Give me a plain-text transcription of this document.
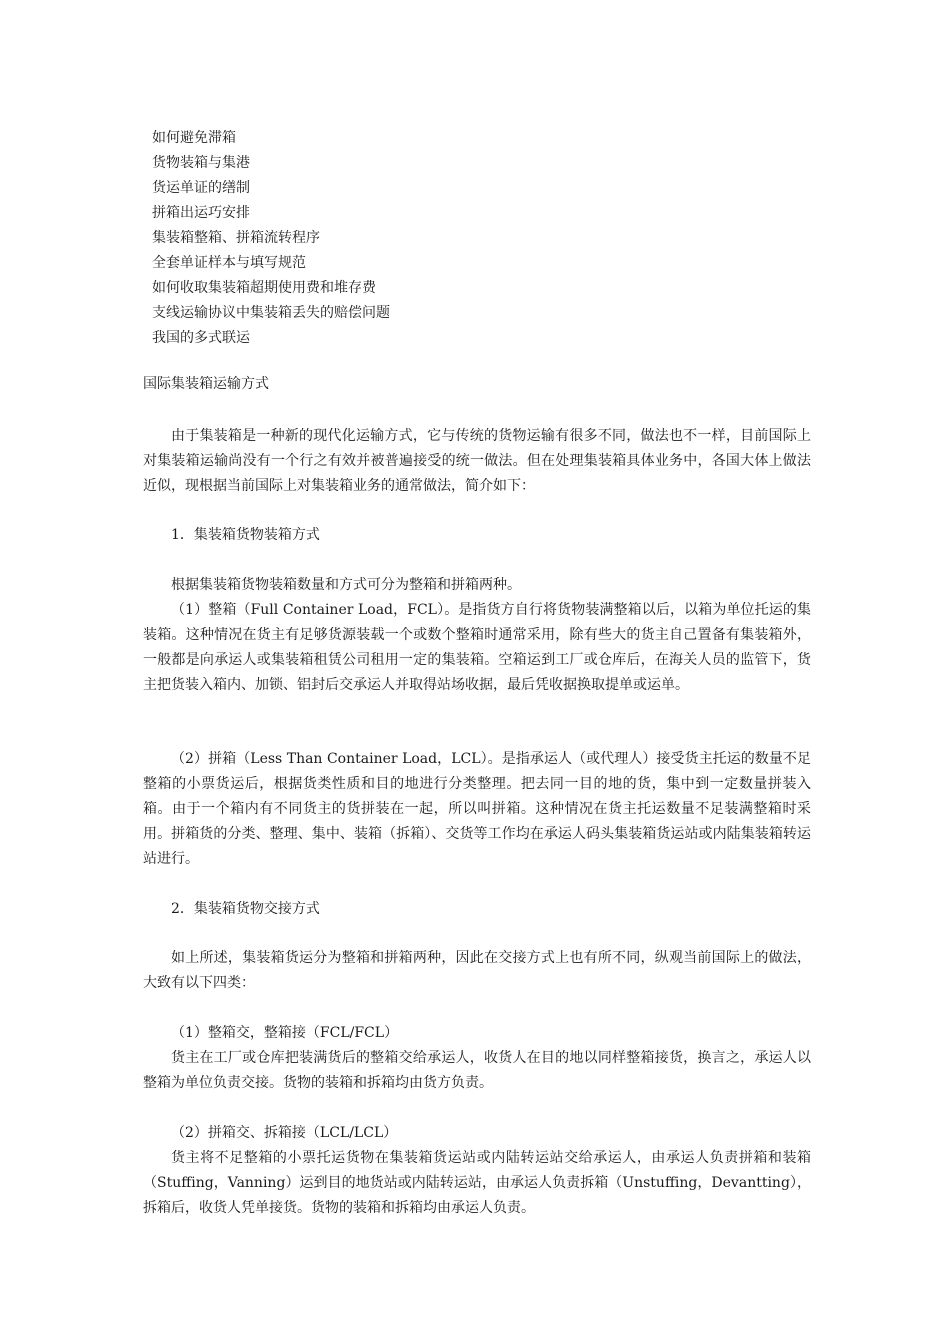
如何避免滞箱
货物装箱与集港
货运单证的缮制
拼箱出运巧安排
集装箱整箱、拼箱流转程序
全套单证样本与填写规范
如何收取集装箱超期使用费和堆存费
支线运输协议中集装箱丢失的赔偿问题
我国的多式联运
国际集装箱运输方式

由于集装箱是一种新的现代化运输方式，它与传统的货物运输有很多不同，做法也不一样，目前国际上对集装箱运输尚没有一个行之有效并被普遍接受的统一做法。但在处理集装箱具体业务中，各国大体上做法近似，现根据当前国际上对集装箱业务的通常做法，简介如下：

1．集装箱货物装箱方式

根据集装箱货物装箱数量和方式可分为整箱和拼箱两种。

（1）整箱（Full Container Load，FCL）。是指货方自行将货物装满整箱以后，以箱为单位托运的集装箱。这种情况在货主有足够货源装载一个或数个整箱时通常采用，除有些大的货主自己置备有集装箱外，一般都是向承运人或集装箱租赁公司租用一定的集装箱。空箱运到工厂或仓库后，在海关人员的监管下，货主把货装入箱内、加锁、铝封后交承运人并取得站场收据，最后凭收据换取提单或运单。

（2）拼箱（Less Than Container Load，LCL）。是指承运人（或代理人）接受货主托运的数量不足整箱的小票货运后，根据货类性质和目的地进行分类整理。把去同一目的地的货，集中到一定数量拼装入箱。由于一个箱内有不同货主的货拼装在一起，所以叫拼箱。这种情况在货主托运数量不足装满整箱时采用。拼箱货的分类、整理、集中、装箱（拆箱）、交货等工作均在承运人码头集装箱货运站或内陆集装箱转运站进行。

2．集装箱货物交接方式

如上所述，集装箱货运分为整箱和拼箱两种，因此在交接方式上也有所不同，纵观当前国际上的做法，大致有以下四类：

（1）整箱交，整箱接（FCL/FCL）

货主在工厂或仓库把装满货后的整箱交给承运人，收货人在目的地以同样整箱接货，换言之，承运人以整箱为单位负责交接。货物的装箱和拆箱均由货方负责。

（2）拼箱交、拆箱接（LCL/LCL）

货主将不足整箱的小票托运货物在集装箱货运站或内陆转运站交给承运人，由承运人负责拼箱和装箱（Stuffing，Vanning）运到目的地货站或内陆转运站，由承运人负责拆箱（Unstuffing，Devantting），拆箱后，收货人凭单接货。货物的装箱和拆箱均由承运人负责。
